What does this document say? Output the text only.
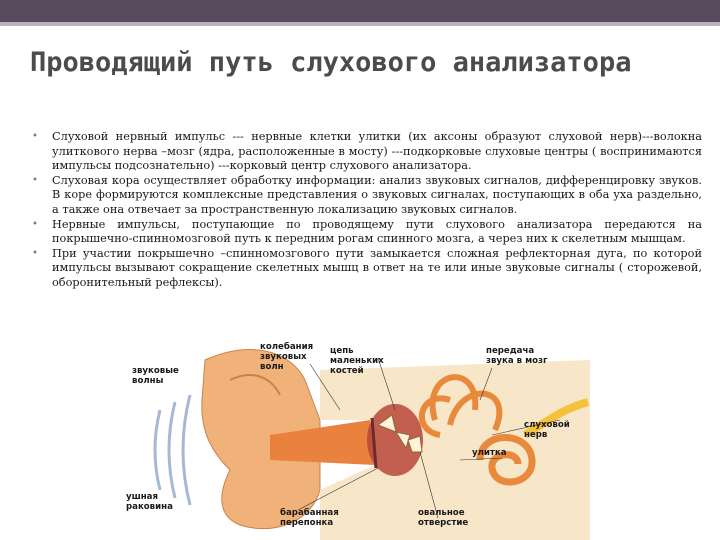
Проводящий путь слухового анализатора
• Слуховой нервный импульс --- нервные клетки улитки (их аксоны образуют слуховой нерв)---волокна улиткового нерва –мозг (ядра, расположенные в мосту) ---подкорковые слуховые центры ( воспринимаются импульсы подсознательно) ---корковый центр слухового анализатора.
• Слуховая кора осуществляет обработку информации: анализ звуковых сигналов, дифференцировку звуков. В коре формируются комплексные представления о звуковых сигналах, поступающих в оба уха раздельно, а также она отвечает за пространственную локализацию звуковых сигналов.
• Нервные импульсы, поступающие по проводящему пути слухового анализатора передаются на покрышечно-спинномозговой путь к передним рогам спинного мозга, а через них к скелетным мышцам.
• При участии покрышечно –спинномозгового пути замыкается сложная рефлекторная дуга, по которой импульсы вызывают сокращение скелетных мышц в ответ на те или иные звуковые сигналы ( сторожевой, оборонительный рефлексы).
звуковые волны
колебания звуковых волн
цепь маленьких костей
передача звука в мозг
слуховой нерв
улитка
ушная раковина
барабанная перепонка
овальное отверстие
